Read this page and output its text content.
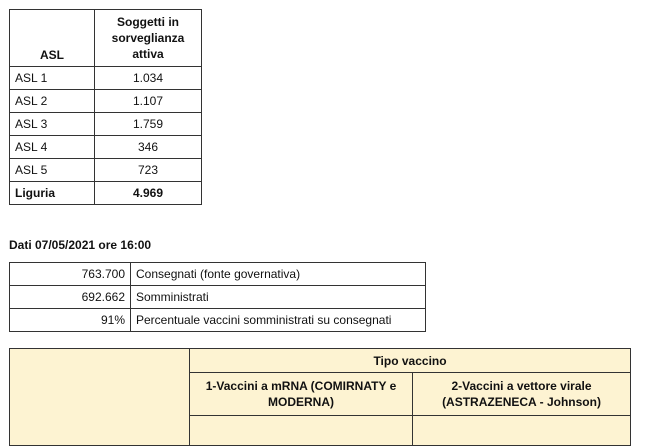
ASL	Soggetti in sorveglianza attiva
ASL 1	1.034
ASL 2	1.107
ASL 3	1.759
ASL 4	346
ASL 5	723
Liguria	4.969
Dati 07/05/2021 ore 16:00
763.700	Consegnati (fonte governativa)
692.662	Somministrati
91%	Percentuale vaccini somministrati su consegnati
	Tipo vaccino	
	1-Vaccini a mRNA (COMIRNATY e MODERNA)	2-Vaccini a vettore virale (ASTRAZENECA - Johnson)
